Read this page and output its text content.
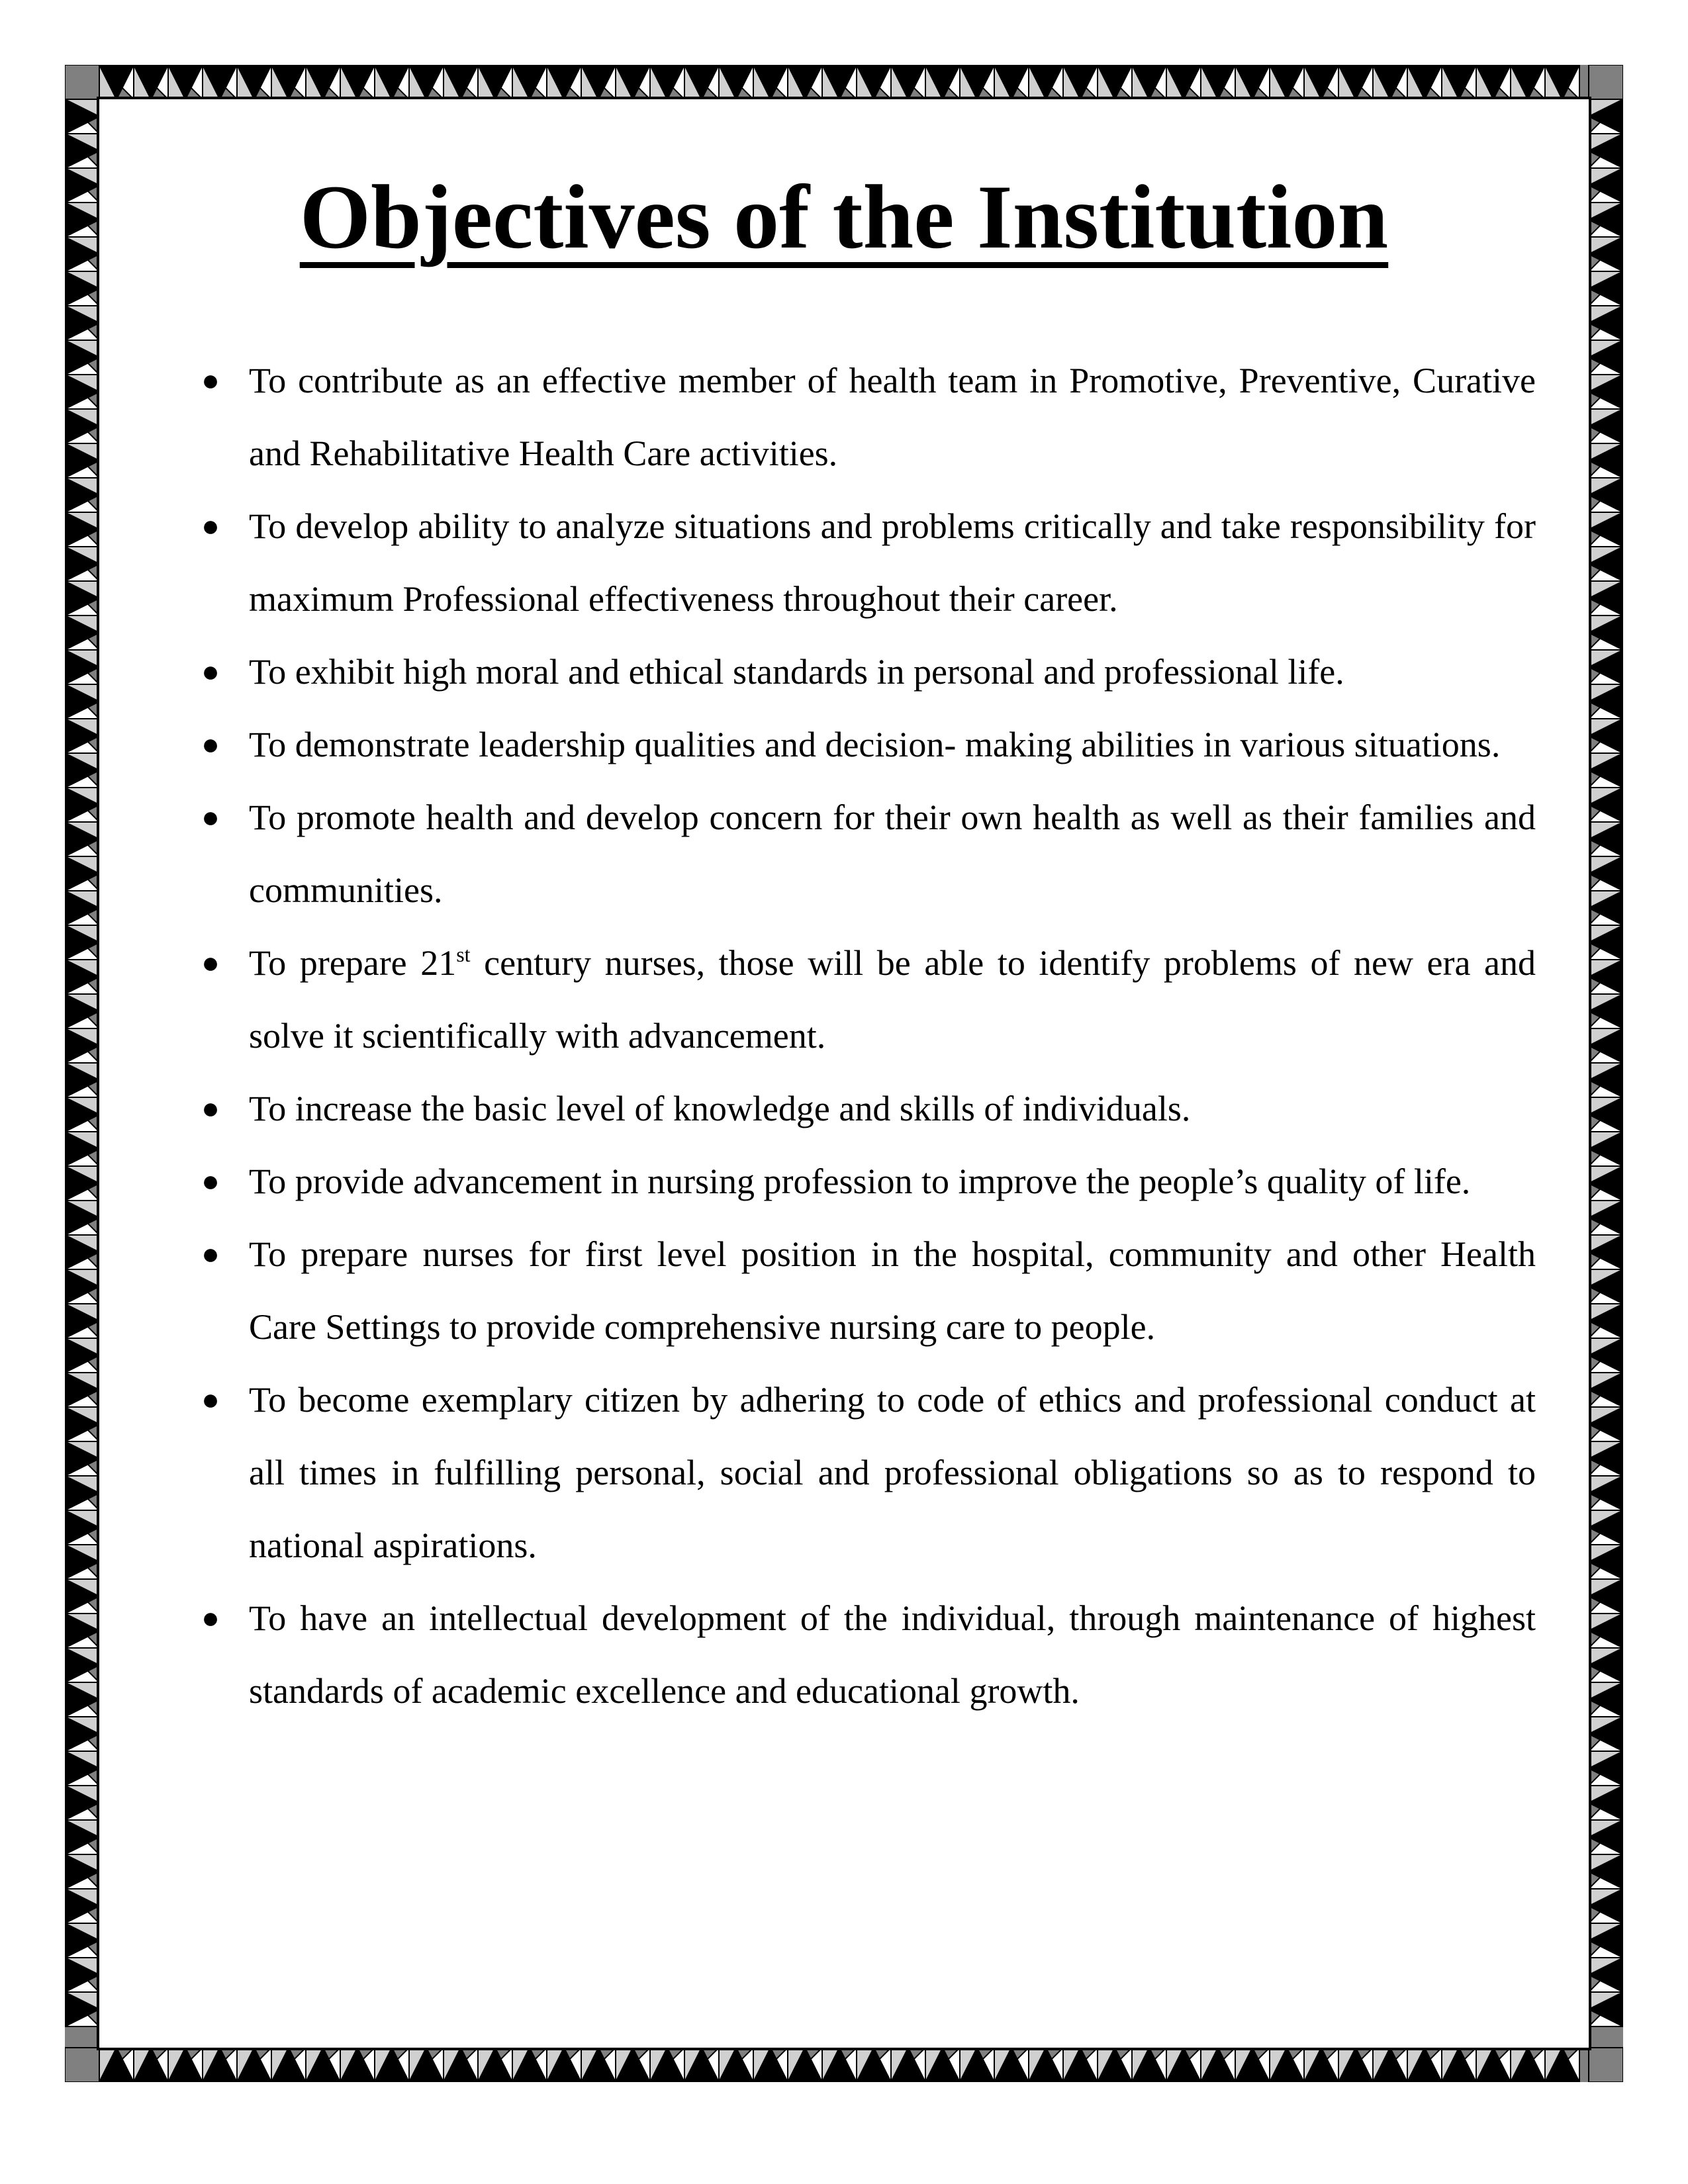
Objectives of the Institution
● To contribute as an effective member of health team in Promotive, Preventive, Curative and Rehabilitative Health Care activities.
● To develop ability to analyze situations and problems critically and take responsibility for maximum Professional effectiveness throughout their career.
● To exhibit high moral and ethical standards in personal and professional life.
● To demonstrate leadership qualities and decision- making abilities in various situations.
● To promote health and develop concern for their own health as well as their families and communities.
● To prepare 21st century nurses, those will be able to identify problems of new era and solve it scientifically with advancement.
● To increase the basic level of knowledge and skills of individuals.
● To provide advancement in nursing profession to improve the people’s quality of life.
● To prepare nurses for first level position in the hospital, community and other Health Care Settings to provide comprehensive nursing care to people.
● To become exemplary citizen by adhering to code of ethics and professional conduct at all times in fulfilling personal, social and professional obligations so as to respond to national aspirations.
● To have an intellectual development of the individual, through maintenance of highest standards of academic excellence and educational growth.
